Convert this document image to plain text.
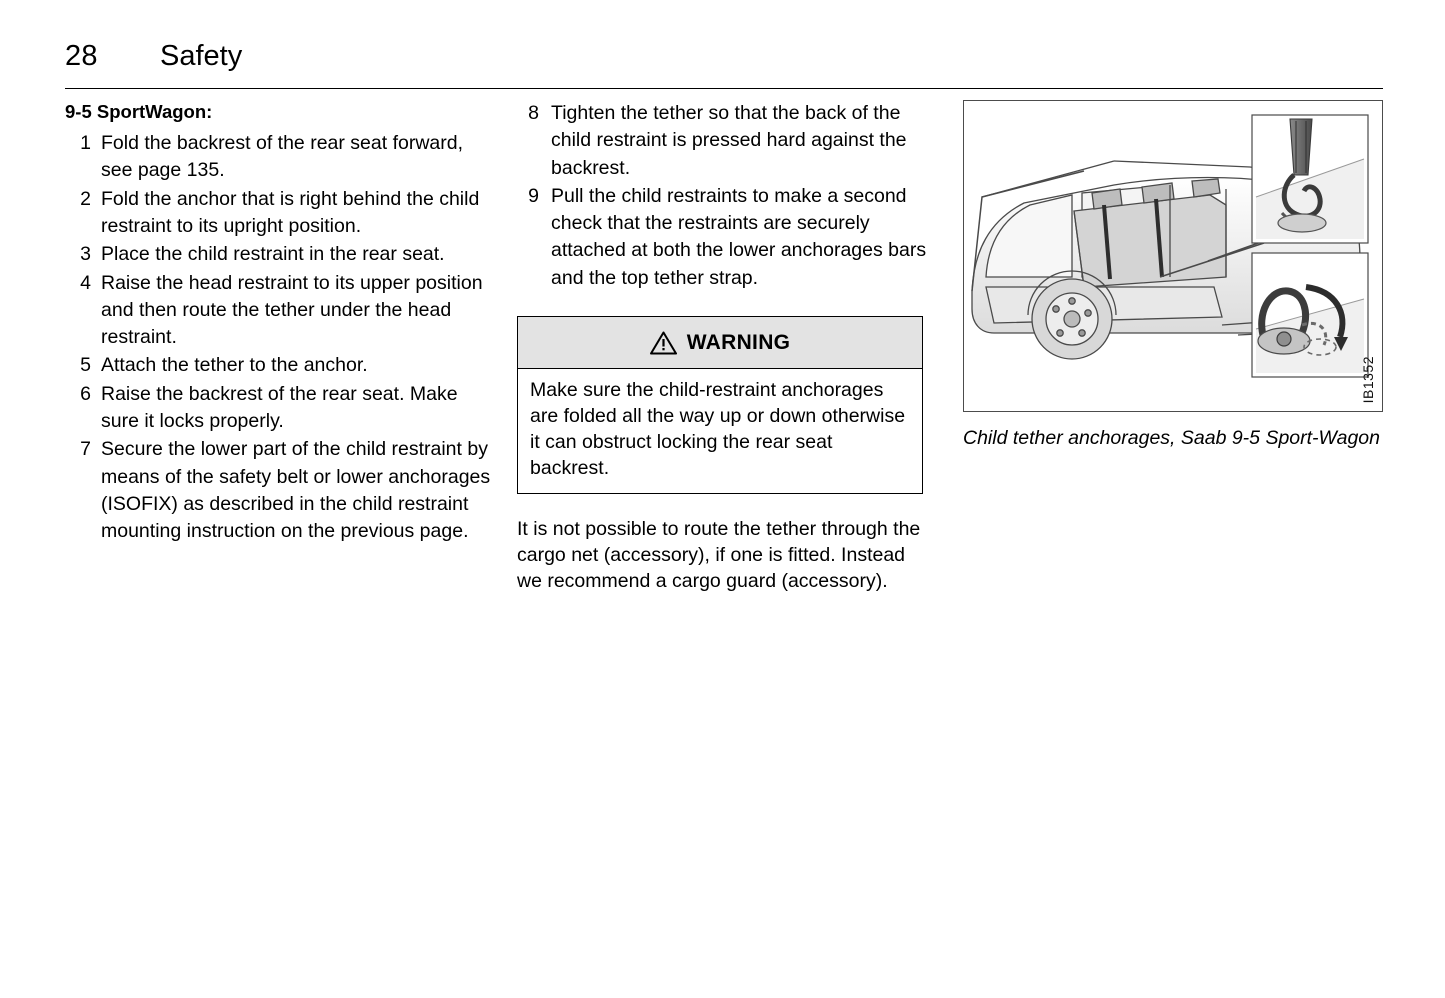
28 Safety
9-5 SportWagon:
1 Fold the backrest of the rear seat forward, see page 135.
2 Fold the anchor that is right behind the child restraint to its upright position.
3 Place the child restraint in the rear seat.
4 Raise the head restraint to its upper position and then route the tether under the head restraint.
5 Attach the tether to the anchor.
6 Raise the backrest of the rear seat. Make sure it locks properly.
7 Secure the lower part of the child restraint by means of the safety belt or lower anchorages (ISOFIX) as described in the child restraint mounting instruction on the previous page.
8 Tighten the tether so that the back of the child restraint is pressed hard against the backrest.
9 Pull the child restraints to make a second check that the restraints are securely attached at both the lower anchorages bars and the top tether strap.
WARNING
Make sure the child-restraint anchorages are folded all the way up or down otherwise it can obstruct locking the rear seat backrest.
It is not possible to route the tether through the cargo net (accessory), if one is fitted. Instead we recommend a cargo guard (accessory).
IB1352
Child tether anchorages, Saab 9-5 Sport-Wagon
